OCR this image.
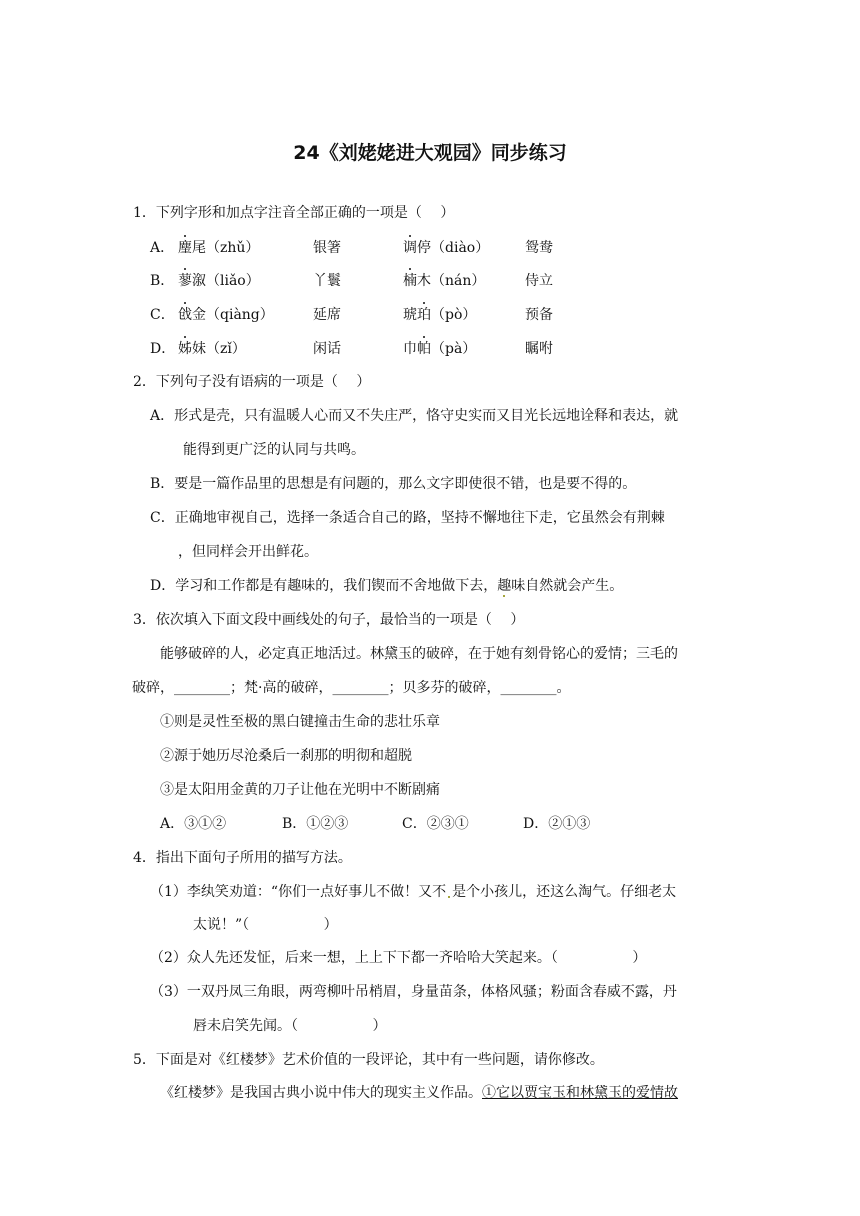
24《刘姥姥进大观园》同步练习
1．下列字形和加点字注音全部正确的一项是（　 ）
A． 麈尾（zhǔ）	银箸	调停（diào）	鸳鸯
B． 蓼溆（liǎo）	丫鬟	楠木（nán）	侍立
C． 戗金（qiàng）	延席	琥珀（pò）	预备
D． 姊妹（zǐ）	闲话	巾帕（pà）	瞩咐
2．下列句子没有语病的一项是（　 ）
A．形式是壳，只有温暖人心而又不失庄严，恪守史实而又目光长远地诠释和表达，就
能得到更广泛的认同与共鸣。
B．要是一篇作品里的思想是有问题的，那么文字即使很不错，也是要不得的。
C．正确地审视自己，选择一条适合自己的路，坚持不懈地往下走，它虽然会有荆棘
，但同样会开出鲜花。
D．学习和工作都是有趣味的，我们锲而不舍地做下去，趣味自然就会产生。
3．依次填入下面文段中画线处的句子，最恰当的一项是（　 ）
能够破碎的人，必定真正地活过。林黛玉的破碎，在于她有刻骨铭心的爱情；三毛的
破碎，________；梵·高的破碎，________；贝多芬的破碎，________。
①则是灵性至极的黑白键撞击生命的悲壮乐章
②源于她历尽沧桑后一刹那的明彻和超脱
③是太阳用金黄的刀子让他在光明中不断剧痛
A．③①②	B．①②③	C．②③①	D．②①③
4．指出下面句子所用的描写方法。
（1）李纨笑劝道：“你们一点好事儿不做！又不 是个小孩儿，还这么淘气。仔细老太
太说！”（　　　　　 ）
（2）众人先还发怔，后来一想，上上下下都一齐哈哈大笑起来。（　　　　　 ）
（3）一双丹凤三角眼，两弯柳叶吊梢眉，身量苗条，体格风骚；粉面含春威不露，丹
唇未启笑先闻。（　　　　　 ）
5．下面是对《红楼梦》艺术价值的一段评论，其中有一些问题，请你修改。
《红楼梦》是我国古典小说中伟大的现实主义作品。①它以贾宝玉和林黛玉的爱情故
